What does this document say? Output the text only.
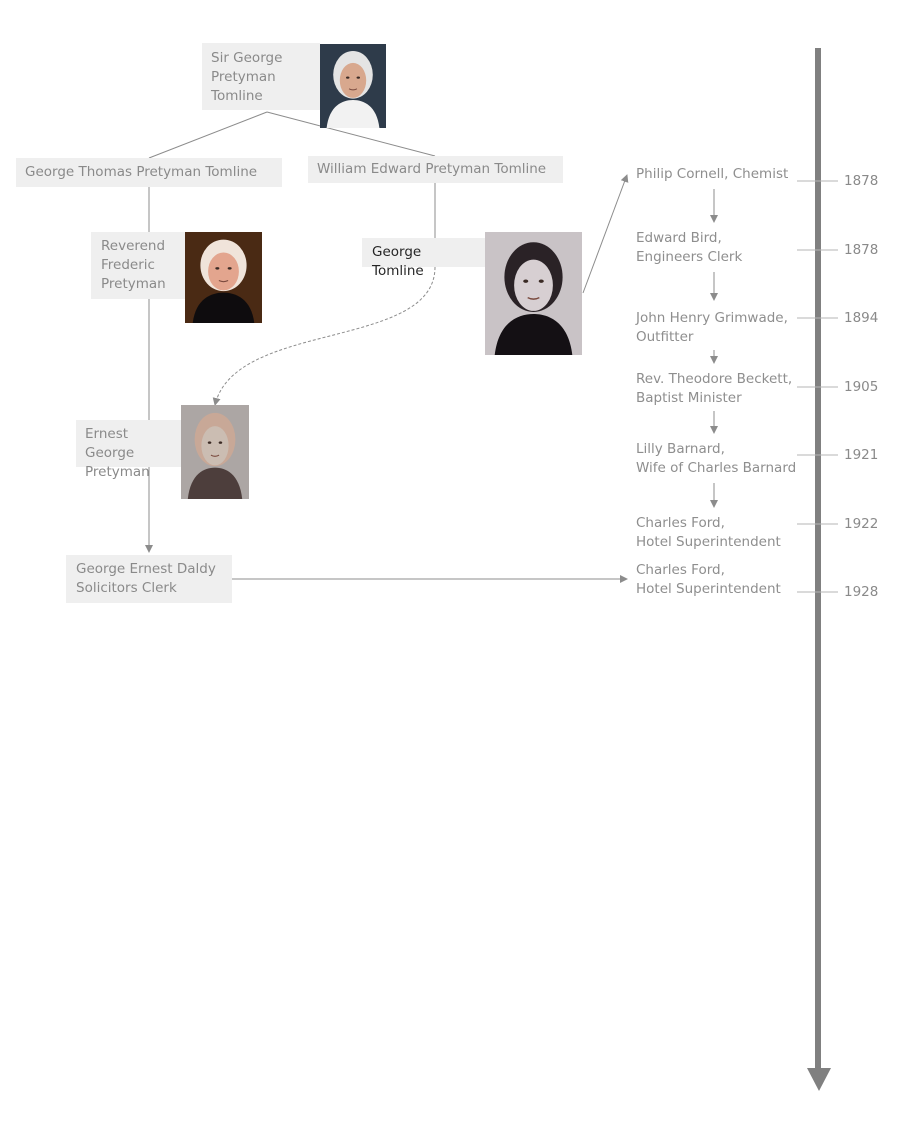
Sir George
Pretyman
Tomline
George Thomas Pretyman Tomline	William Edward Pretyman Tomline
Reverend
Frederic
Pretyman
George Tomline
Ernest George
Pretyman
George Ernest Daldy
Solicitors Clerk
Philip Cornell, Chemist
Edward Bird,
Engineers Clerk
John Henry Grimwade,
Outfitter
Rev. Theodore Beckett,
Baptist Minister
Lilly Barnard,
Wife of Charles Barnard
Charles Ford,
Hotel Superintendent
Charles Ford,
Hotel Superintendent
1878
1878
1894
1905
1921
1922
1928
